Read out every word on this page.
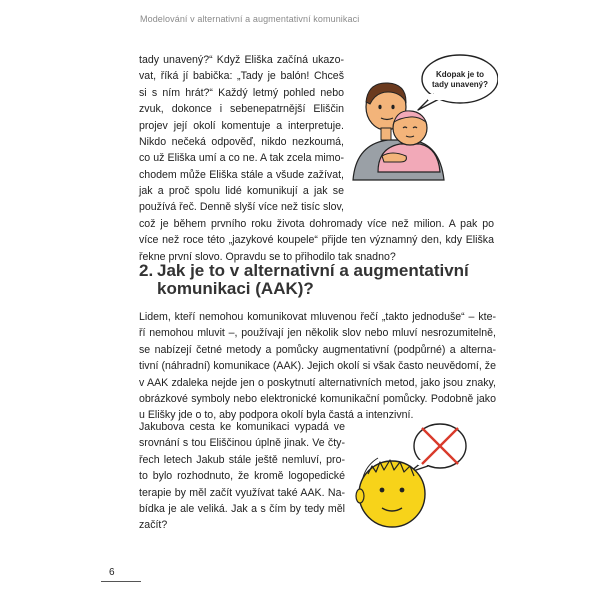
Modelování v alternativní a augmentativní komunikaci
tady unavený?“ Když Eliška začíná ukazo-
vat, říká jí babička: „Tady je balón! Chceš
si s ním hrát?“ Každý letmý pohled nebo
zvuk, dokonce i sebenepatrnější Eliščin
projev její okolí komentuje a interpretuje.
Nikdo nečeká odpověď, nikdo nezkoumá,
co už Eliška umí a co ne. A tak zcela mimo-
chodem může Eliška stále a všude zažívat,
jak a proč spolu lidé komunikují a jak se
používá řeč. Denně slyší více než tisíc slov,
což je během prvního roku života dohromady více než milion. A pak po
více než roce této „jazykové koupele“ přijde ten významný den, kdy Eliška
řekne první slovo. Opravdu se to přihodilo tak snadno?
Kdopak je to
tady unavený?
2. Jak je to v alternativní a augmentativní
komunikaci (AAK)?
Lidem, kteří nemohou komunikovat mluvenou řečí „takto jednoduše“ – kte-
ří nemohou mluvit –, používají jen několik slov nebo mluví nesrozumitelně,
se nabízejí četné metody a pomůcky augmentativní (podpůrné) a alterna-
tivní (náhradní) komunikace (AAK). Jejich okolí si však často neuvědomí, že
v AAK zdaleka nejde jen o poskytnutí alternativních metod, jako jsou znaky,
obrázkové symboly nebo elektronické komunikační pomůcky. Podobně jako
u Elišky jde o to, aby podpora okolí byla častá a intenzivní.
Jakubova cesta ke komunikaci vypadá ve
srovnání s tou Eliščinou úplně jinak. Ve čty-
řech letech Jakub stále ještě nemluví, pro-
to bylo rozhodnuto, že kromě logopedické
terapie by měl začít využívat také AAK. Na-
bídka je ale veliká. Jak a s čím by tedy měl
začít?
6
